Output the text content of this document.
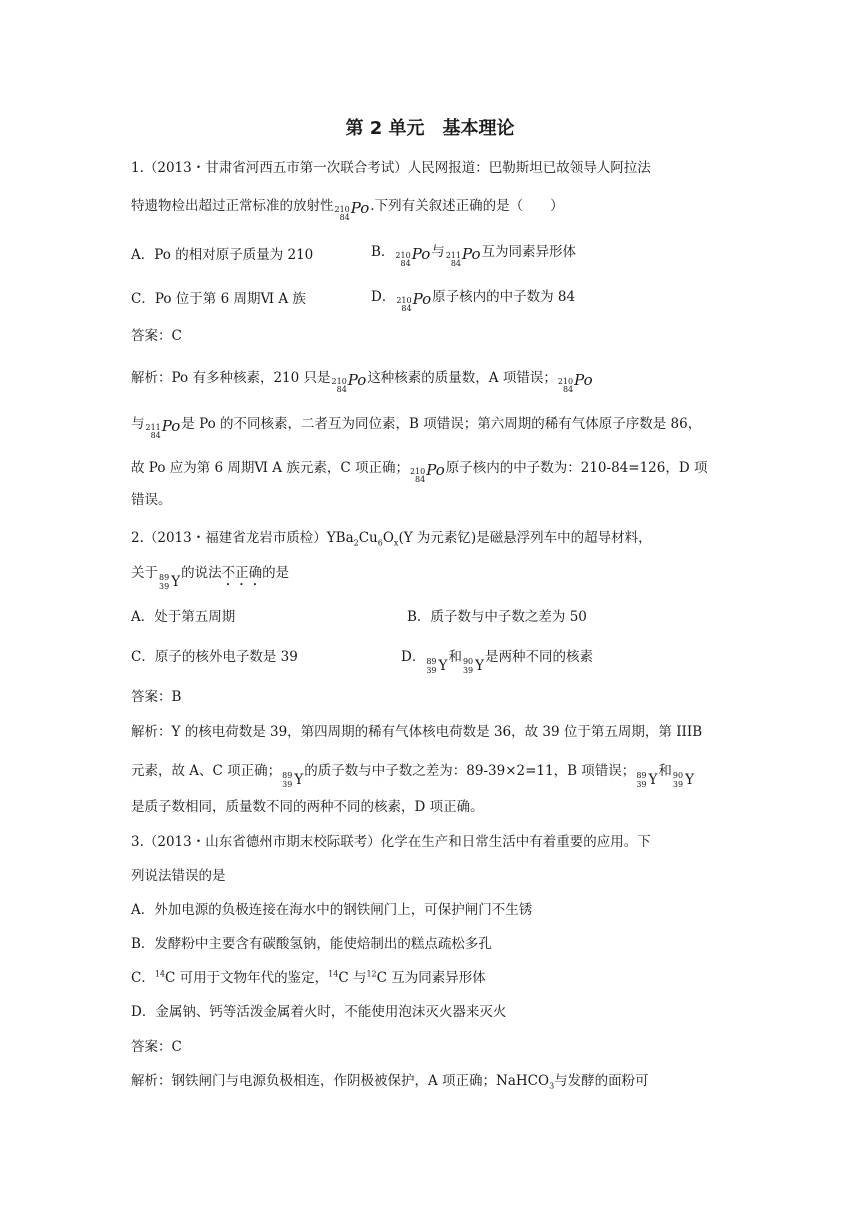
第 2 单元　基本理论
1.（2013・甘肃省河西五市第一次联合考试）人民网报道：巴勒斯坦已故领导人阿拉法
特遗物检出超过正常标准的放射性 210
84
Po .下列有关叙述正确的是（　　）
A．Po 的相对原子质量为 210	B． 210
84
Po 与 211
84
Po 互为同素异形体
C．Po 位于第 6 周期Ⅵ A 族	D． 210
84
Po 原子核内的中子数为 84
答案：C
解析：Po 有多种核素，210 只是 210
84
Po 这种核素的质量数，A 项错误； 210
84
Po
与 211
84
Po 是 Po 的不同核素，二者互为同位素，B 项错误；第六周期的稀有气体原子序数是 86，
故 Po 应为第 6 周期Ⅵ A 族元素，C 项正确； 210
84
Po 原子核内的中子数为：210-84=126，D 项
错误。
2.（2013・福建省龙岩市质检）$YBa_2Cu_6O_x(Y$ 为元素钇)是磁悬浮列车中的超导材料，
关于 89
39 Y
的说法不正确的是
A．处于第五周期	B．质子数与中子数之差为 50
C．原子的核外电子数是 39	D． 89
39 Y
和 90
39 Y
是两种不同的核素
答案：B
解析：Y 的核电荷数是 39，第四周期的稀有气体核电荷数是 36，故 39 位于第五周期，第 IIIB
元素，故 A、C 项正确； 89
39 Y
的质子数与中子数之差为：89-39×2=11，B 项错误； 89
39 Y
和 90
39 Y
是质子数相同，质量数不同的两种不同的核素，D 项正确。
3.（2013・山东省德州市期末校际联考）化学在生产和日常生活中有着重要的应用。下
列说法错误的是
A．外加电源的负极连接在海水中的钢铁闸门上，可保护闸门不生锈
B．发酵粉中主要含有碳酸氢钠，能使焙制出的糕点疏松多孔
C．$^{14}$C 可用于文物年代的鉴定，$^{14}$C 与$^{12}$C 互为同素异形体
D．金属钠、钙等活泼金属着火时，不能使用泡沫灭火器来灭火
答案：C
解析：钢铁闸门与电源负极相连，作阴极被保护，A 项正确；NaHCO$_3$与发酵的面粉可
